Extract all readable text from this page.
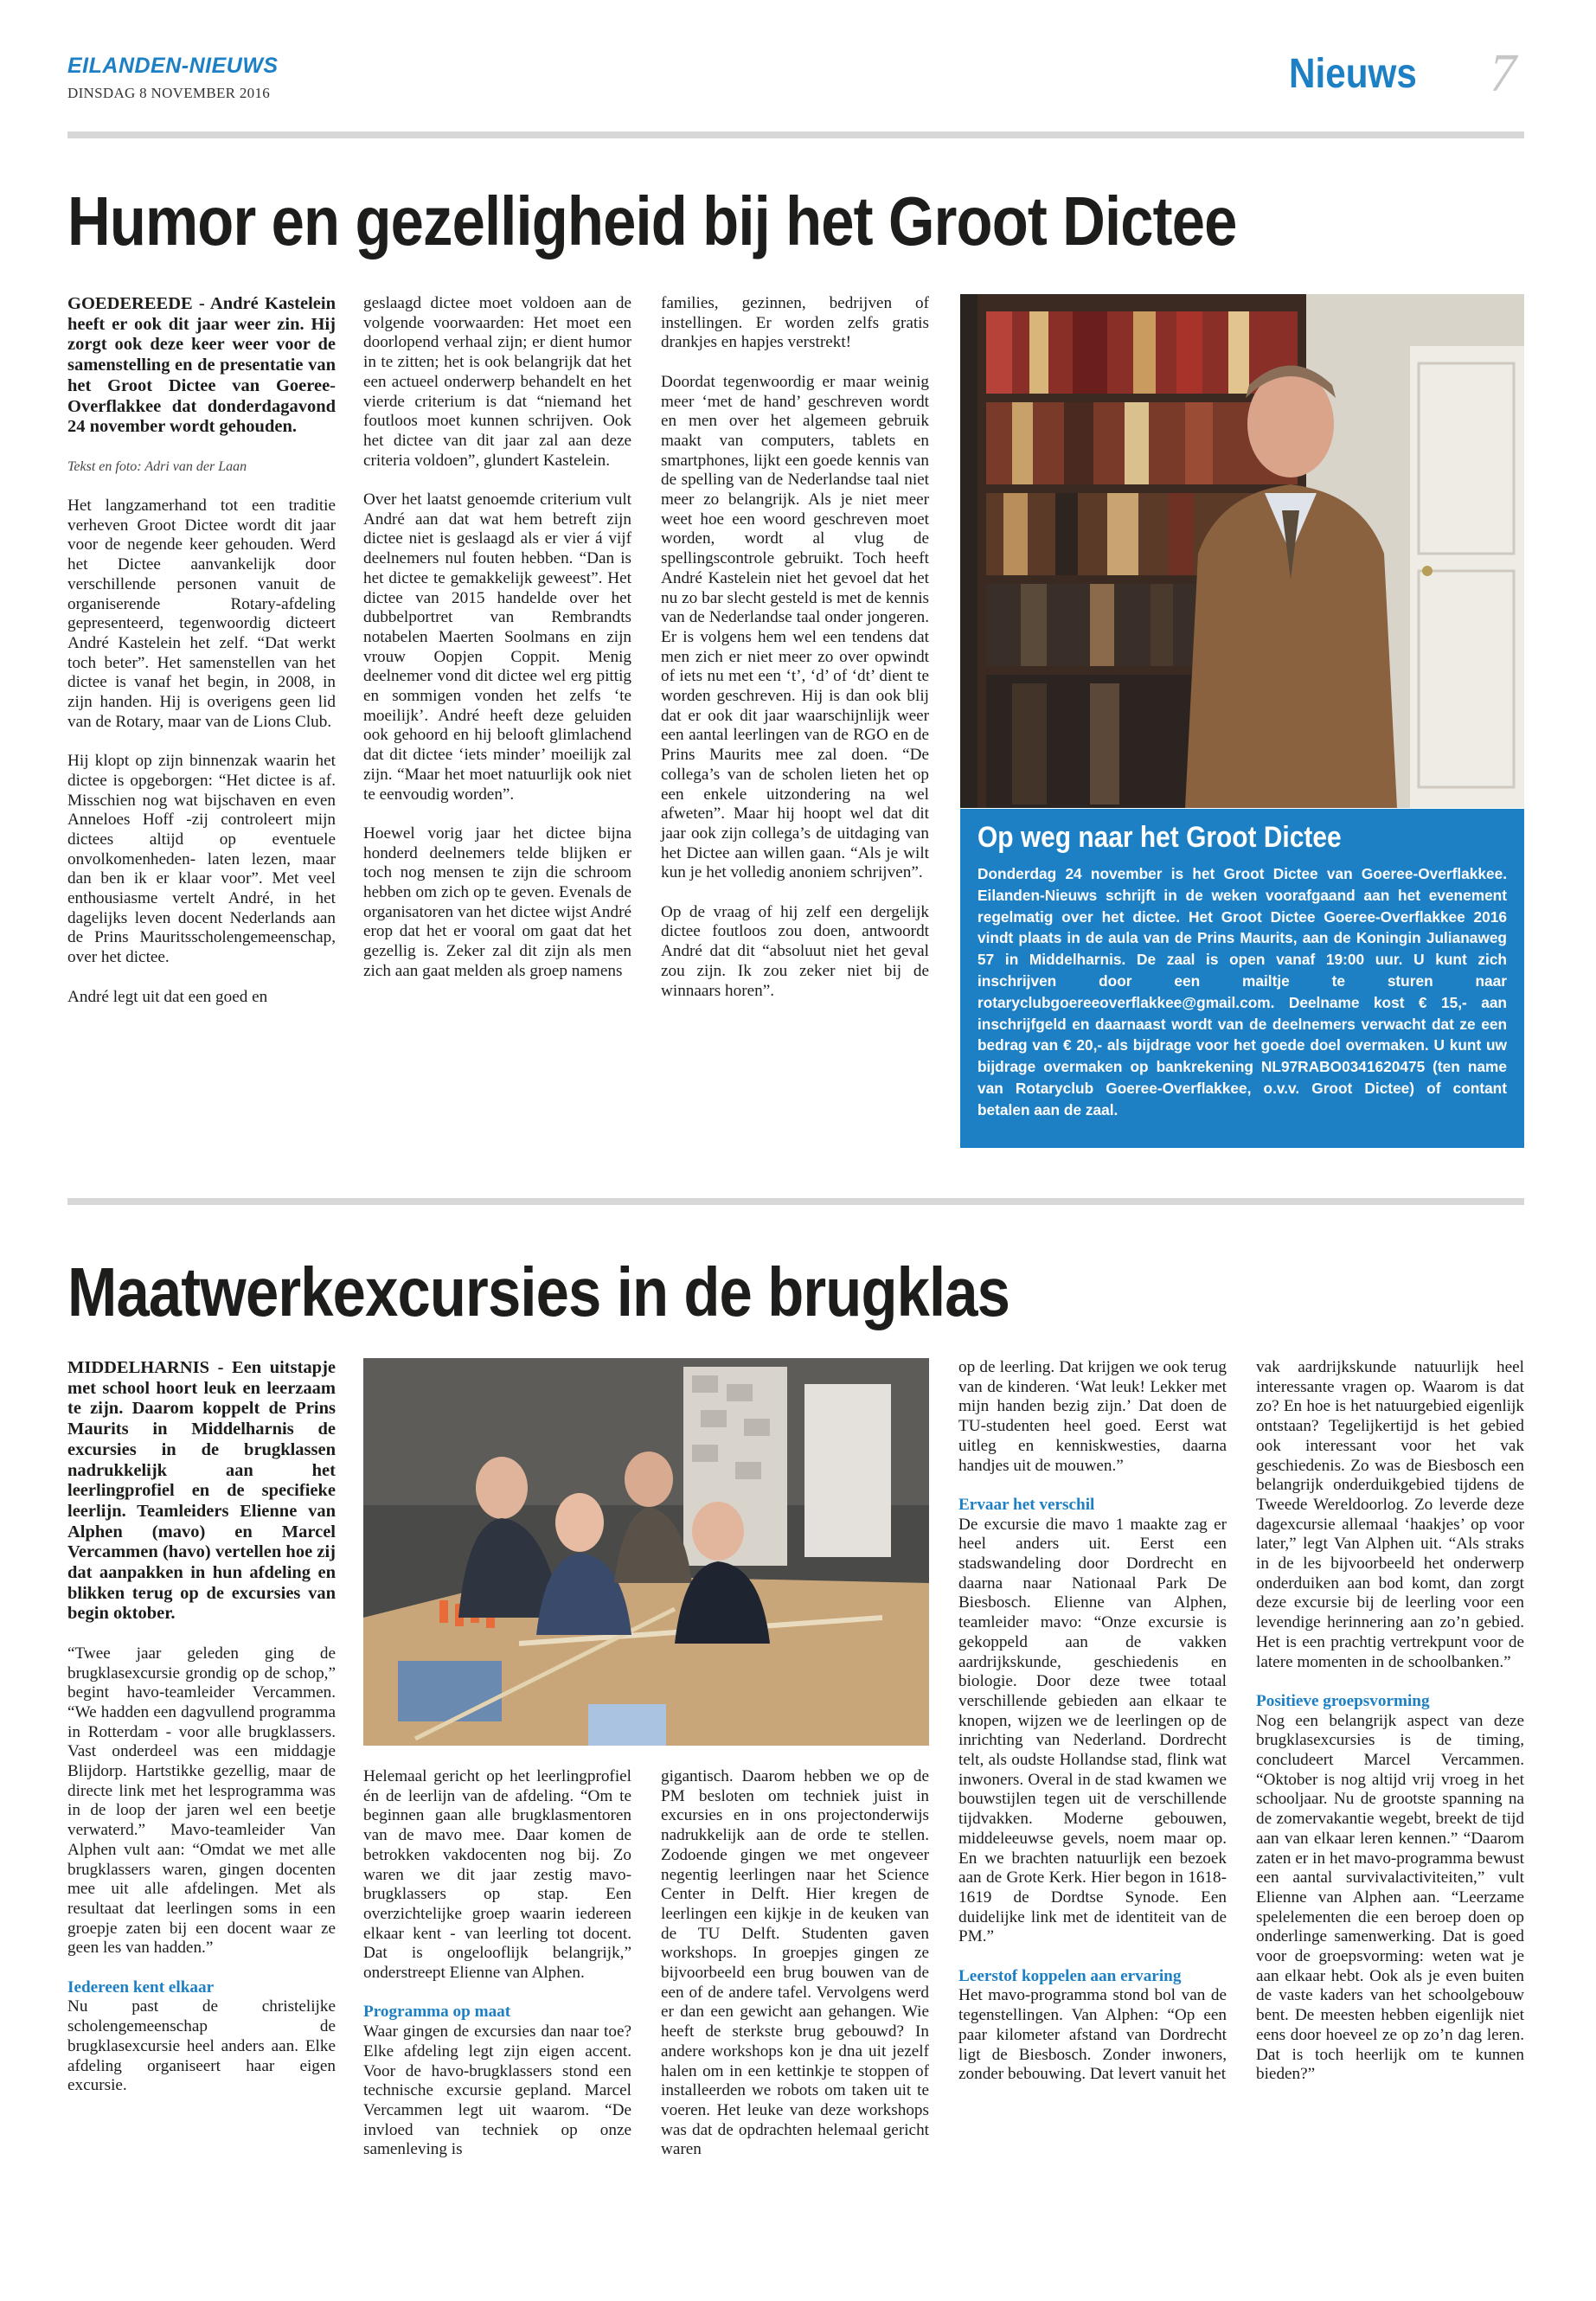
EILANDEN-NIEUWS
DINSDAG 8 NOVEMBER 2016	Nieuws 7
Humor en gezelligheid bij het Groot Dictee

GOEDEREEDE - André Kastelein heeft er ook dit jaar weer zin. Hij zorgt ook deze keer weer voor de samenstelling en de presentatie van het Groot Dictee van Goeree-Overflakkee dat donderdagavond 24 november wordt gehouden.

Tekst en foto: Adri van der Laan

Het langzamerhand tot een traditie verheven Groot Dictee wordt dit jaar voor de negende keer gehouden. Werd het Dictee aanvankelijk door verschillende personen vanuit de organiserende Rotary-afdeling gepresenteerd, tegenwoordig dicteert André Kastelein het zelf. “Dat werkt toch beter”. Het samenstellen van het dictee is vanaf het begin, in 2008, in zijn handen. Hij is overigens geen lid van de Rotary, maar van de Lions Club.

Hij klopt op zijn binnenzak waarin het dictee is opgeborgen: “Het dictee is af. Misschien nog wat bijschaven en even Anneloes Hoff -zij controleert mijn dictees altijd op eventuele onvolkomenheden- laten lezen, maar dan ben ik er klaar voor”. Met veel enthousiasme vertelt André, in het dagelijks leven docent Nederlands aan de Prins Mauritsscholengemeenschap, over het dictee.

André legt uit dat een goed en

geslaagd dictee moet voldoen aan de volgende voorwaarden: Het moet een doorlopend verhaal zijn; er dient humor in te zitten; het is ook belangrijk dat het een actueel onderwerp behandelt en het vierde criterium is dat “niemand het foutloos moet kunnen schrijven. Ook het dictee van dit jaar zal aan deze criteria voldoen”, glundert Kastelein.

Over het laatst genoemde criterium vult André aan dat wat hem betreft zijn dictee niet is geslaagd als er vier á vijf deelnemers nul fouten hebben. “Dan is het dictee te gemakkelijk geweest”. Het dictee van 2015 handelde over het dubbelportret van Rembrandts notabelen Maerten Soolmans en zijn vrouw Oopjen Coppit. Menig deelnemer vond dit dictee wel erg pittig en sommigen vonden het zelfs ‘te moeilijk’. André heeft deze geluiden ook gehoord en hij belooft glimlachend dat dit dictee ‘iets minder’ moeilijk zal zijn. “Maar het moet natuurlijk ook niet te eenvoudig worden”.

Hoewel vorig jaar het dictee bijna honderd deelnemers telde blijken er toch nog mensen te zijn die schroom hebben om zich op te geven. Evenals de organisatoren van het dictee wijst André erop dat het er vooral om gaat dat het gezellig is. Zeker zal dit zijn als men zich aan gaat melden als groep namens

families, gezinnen, bedrijven of instellingen. Er worden zelfs gratis drankjes en hapjes verstrekt!

Doordat tegenwoordig er maar weinig meer ‘met de hand’ geschreven wordt en men over het algemeen gebruik maakt van computers, tablets en smartphones, lijkt een goede kennis van de spelling van de Nederlandse taal niet meer zo belangrijk. Als je niet meer weet hoe een woord geschreven moet worden, wordt al vlug de spellingscontrole gebruikt. Toch heeft André Kastelein niet het gevoel dat het nu zo bar slecht gesteld is met de kennis van de Nederlandse taal onder jongeren. Er is volgens hem wel een tendens dat men zich er niet meer zo over opwindt of iets nu met een ‘t’, ‘d’ of ‘dt’ dient te worden geschreven. Hij is dan ook blij dat er ook dit jaar waarschijnlijk weer een aantal leerlingen van de RGO en de Prins Maurits mee zal doen. “De collega’s van de scholen lieten het op een enkele uitzondering na wel afweten”. Maar hij hoopt wel dat dit jaar ook zijn collega’s de uitdaging van het Dictee aan willen gaan. “Als je wilt kun je het volledig anoniem schrijven”.

Op de vraag of hij zelf een dergelijk dictee foutloos zou doen, antwoordt André dat dit “absoluut niet het geval zou zijn. Ik zou zeker niet bij de winnaars horen”.

Op weg naar het Groot Dictee

Donderdag 24 november is het Groot Dictee van Goeree-Overflakkee. Eilanden-Nieuws schrijft in de weken voorafgaand aan het evenement regelmatig over het dictee. Het Groot Dictee Goeree-Overflakkee 2016 vindt plaats in de aula van de Prins Maurits, aan de Koningin Julianaweg 57 in Middelharnis. De zaal is open vanaf 19:00 uur. U kunt zich inschrijven door een mailtje te sturen naar rotaryclubgoereeoverflakkee@gmail.com. Deelname kost € 15,- aan inschrijfgeld en daarnaast wordt van de deelnemers verwacht dat ze een bedrag van € 20,- als bijdrage voor het goede doel overmaken. U kunt uw bijdrage overmaken op bankrekening NL97RABO0341620475 (ten name van Rotaryclub Goeree-Overflakkee, o.v.v. Groot Dictee) of contant betalen aan de zaal.

Maatwerkexcursies in de brugklas

MIDDELHARNIS - Een uitstapje met school hoort leuk en leerzaam te zijn. Daarom koppelt de Prins Maurits in Middelharnis de excursies in de brugklassen nadrukkelijk aan het leerlingprofiel en de specifieke leerlijn. Teamleiders Elienne van Alphen (mavo) en Marcel Vercammen (havo) vertellen hoe zij dat aanpakken in hun afdeling en blikken terug op de excursies van begin oktober.

“Twee jaar geleden ging de brugklasexcursie grondig op de schop,” begint havo-teamleider Vercammen. “We hadden een dagvullend programma in Rotterdam - voor alle brugklassers. Vast onderdeel was een middagje Blijdorp. Hartstikke gezellig, maar de directe link met het lesprogramma was in de loop der jaren wel een beetje verwaterd.” Mavo-teamleider Van Alphen vult aan: “Omdat we met alle brugklassers waren, gingen docenten mee uit alle afdelingen. Met als resultaat dat leerlingen soms in een groepje zaten bij een docent waar ze geen les van hadden.”

Iedereen kent elkaar

Nu past de christelijke scholengemeenschap de brugklasexcursie heel anders aan. Elke afdeling organiseert haar eigen excursie.

Helemaal gericht op het leerlingprofiel én de leerlijn van de afdeling. “Om te beginnen gaan alle brugklasmentoren van de mavo mee. Daar komen de betrokken vakdocenten nog bij. Zo waren we dit jaar zestig mavo-brugklassers op stap. Een overzichtelijke groep waarin iedereen elkaar kent - van leerling tot docent. Dat is ongelooflijk belangrijk,” onderstreept Elienne van Alphen.

Programma op maat

Waar gingen de excursies dan naar toe? Elke afdeling legt zijn eigen accent. Voor de havo-brugklassers stond een technische excursie gepland. Marcel Vercammen legt uit waarom. “De invloed van techniek op onze samenleving is

gigantisch. Daarom hebben we op de PM besloten om techniek juist in excursies en in ons projectonderwijs nadrukkelijk aan de orde te stellen. Zodoende gingen we met ongeveer negentig leerlingen naar het Science Center in Delft. Hier kregen de leerlingen een kijkje in de keuken van de TU Delft. Studenten gaven workshops. In groepjes gingen ze bijvoorbeeld een brug bouwen van de een of de andere tafel. Vervolgens werd er dan een gewicht aan gehangen. Wie heeft de sterkste brug gebouwd? In andere workshops kon je dna uit jezelf halen om in een kettinkje te stoppen of installeerden we robots om taken uit te voeren. Het leuke van deze workshops was dat de opdrachten helemaal gericht waren

op de leerling. Dat krijgen we ook terug van de kinderen. ‘Wat leuk! Lekker met mijn handen bezig zijn.’ Dat doen de TU-studenten heel goed. Eerst wat uitleg en kenniskwesties, daarna handjes uit de mouwen.”

Ervaar het verschil

De excursie die mavo 1 maakte zag er heel anders uit. Eerst een stadswandeling door Dordrecht en daarna naar Nationaal Park De Biesbosch. Elienne van Alphen, teamleider mavo: “Onze excursie is gekoppeld aan de vakken aardrijkskunde, geschiedenis en biologie. Door deze twee totaal verschillende gebieden aan elkaar te knopen, wijzen we de leerlingen op de inrichting van Nederland. Dordrecht telt, als oudste Hollandse stad, flink wat inwoners. Overal in de stad kwamen we bouwstijlen tegen uit de verschillende tijdvakken. Moderne gebouwen, middeleeuwse gevels, noem maar op. En we brachten natuurlijk een bezoek aan de Grote Kerk. Hier begon in 1618-1619 de Dordtse Synode. Een duidelijke link met de identiteit van de PM.”

Leerstof koppelen aan ervaring

Het mavo-programma stond bol van de tegenstellingen. Van Alphen: “Op een paar kilometer afstand van Dordrecht ligt de Biesbosch. Zonder inwoners, zonder bebouwing. Dat levert vanuit het

vak aardrijkskunde natuurlijk heel interessante vragen op. Waarom is dat zo? En hoe is het natuurgebied eigenlijk ontstaan? Tegelijkertijd is het gebied ook interessant voor het vak geschiedenis. Zo was de Biesbosch een belangrijk onderduikgebied tijdens de Tweede Wereldoorlog. Zo leverde deze dagexcursie allemaal ‘haakjes’ op voor later,” legt Van Alphen uit. “Als straks in de les bijvoorbeeld het onderwerp onderduiken aan bod komt, dan zorgt deze excursie bij de leerling voor een levendige herinnering aan zo’n gebied. Het is een prachtig vertrekpunt voor de latere momenten in de schoolbanken.”

Positieve groepsvorming

Nog een belangrijk aspect van deze brugklasexcursies is de timing, concludeert Marcel Vercammen. “Oktober is nog altijd vrij vroeg in het schooljaar. Nu de grootste spanning na de zomervakantie wegebt, breekt de tijd aan van elkaar leren kennen.” “Daarom zaten er in het mavo-programma bewust een aantal survivalactiviteiten,” vult Elienne van Alphen aan. “Leerzame spelelementen die een beroep doen op onderlinge samenwerking. Dat is goed voor de groepsvorming: weten wat je aan elkaar hebt. Ook als je even buiten de vaste kaders van het schoolgebouw bent. De meesten hebben eigenlijk niet eens door hoeveel ze op zo’n dag leren. Dat is toch heerlijk om te kunnen bieden?”
